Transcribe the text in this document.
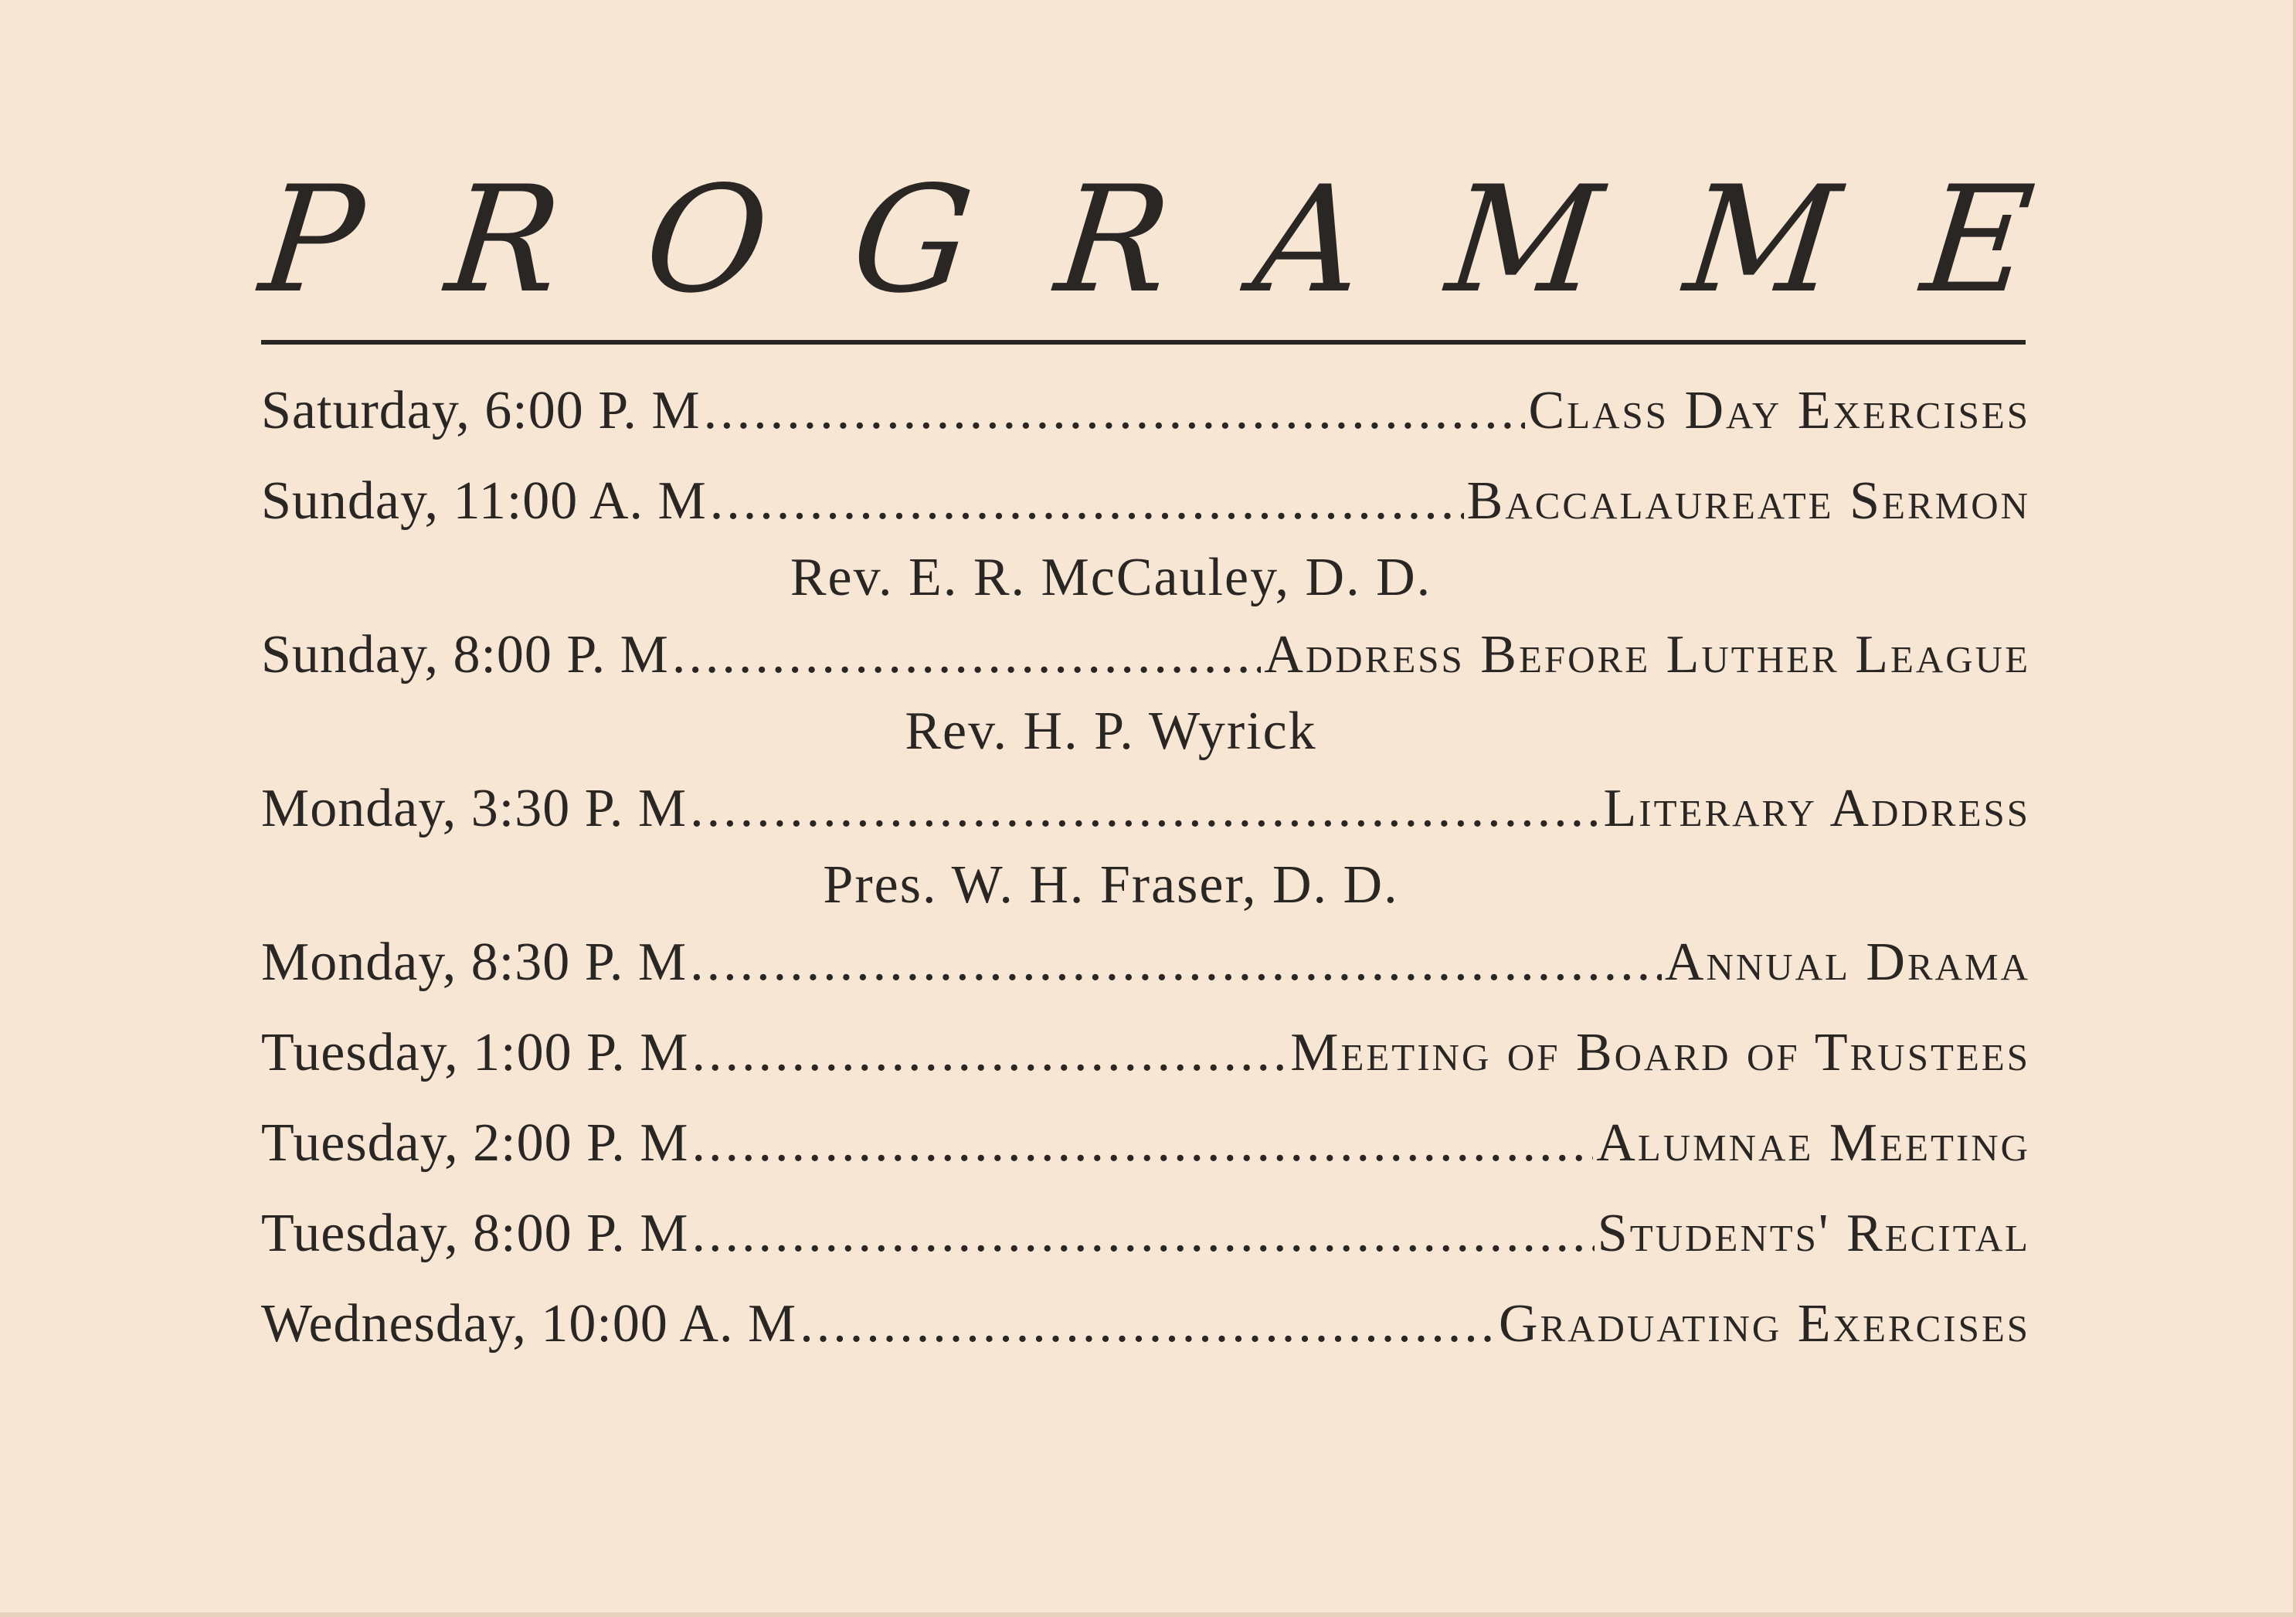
P R O G R A M M E
Saturday, 6:00 P. M .....	Class Day Exercises
Sunday, 11:00 A. M .....	Baccalaureate Sermon
Rev. E. R. McCauley, D. D.
Sunday, 8:00 P. M .....	Address Before Luther League
Rev. H. P. Wyrick
Monday, 3:30 P. M .....	Literary Address
Pres. W. H. Fraser, D. D.
Monday, 8:30 P. M .....	Annual Drama
Tuesday, 1:00 P. M .....	Meeting of Board of Trustees
Tuesday, 2:00 P. M .....	Alumnae Meeting
Tuesday, 8:00 P. M .....	Students' Recital
Wednesday, 10:00 A. M .....	Graduating Exercises
